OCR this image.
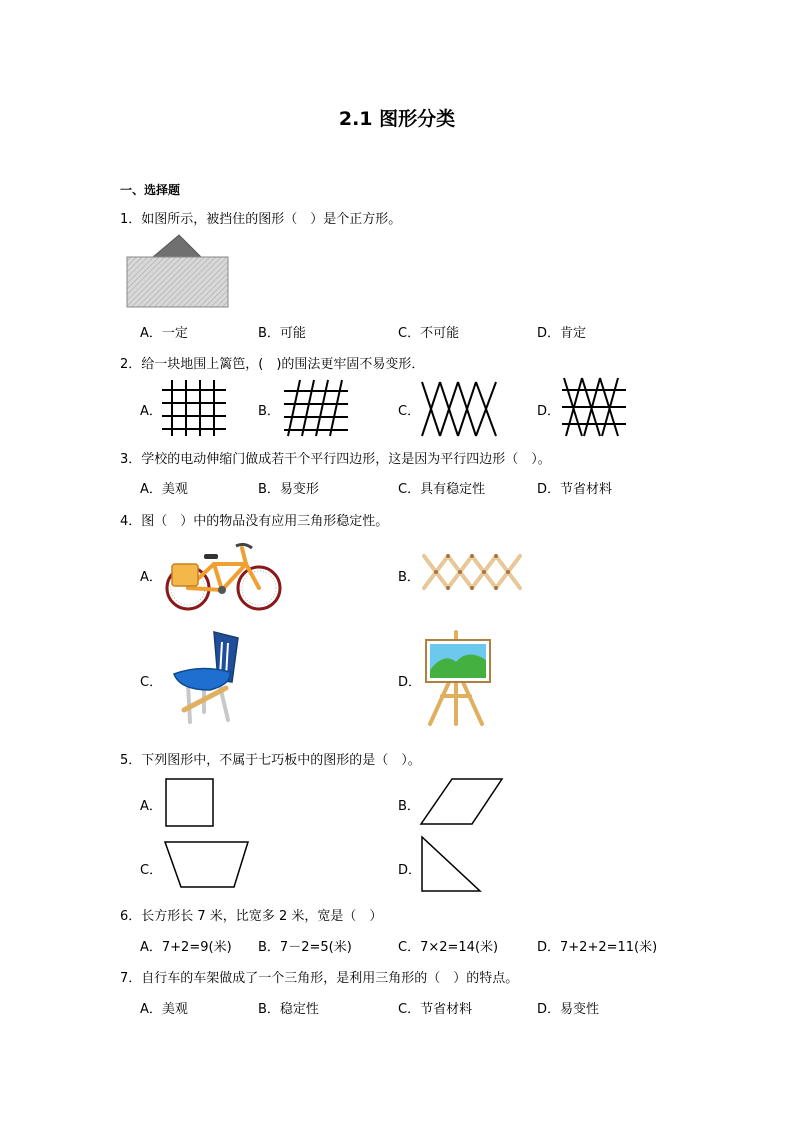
2.1 图形分类
一、选择题
1．如图所示，被挡住的图形（　）是个正方形。
A．一定	B．可能	C．不可能	D．肯定
2．给一块地围上篱笆，(　)的围法更牢固不易变形．
A．	B．	C．	D．
3．学校的电动伸缩门做成若干个平行四边形，这是因为平行四边形（　）。
A．美观	B．易变形	C．具有稳定性	D．节省材料
4．图（　）中的物品没有应用三角形稳定性。
A．	B．
C．	D．
5．下列图形中，不属于七巧板中的图形的是（　）。
A．	B．
C．	D．
6．长方形长 7 米，比宽多 2 米，宽是（　）
A．7+2=9(米) B．7－2=5(米)	C．7×2=14(米)	D．7+2+2=11(米)
7．自行车的车架做成了一个三角形，是利用三角形的（　）的特点。
A．美观	B．稳定性	C．节省材料	D．易变性
